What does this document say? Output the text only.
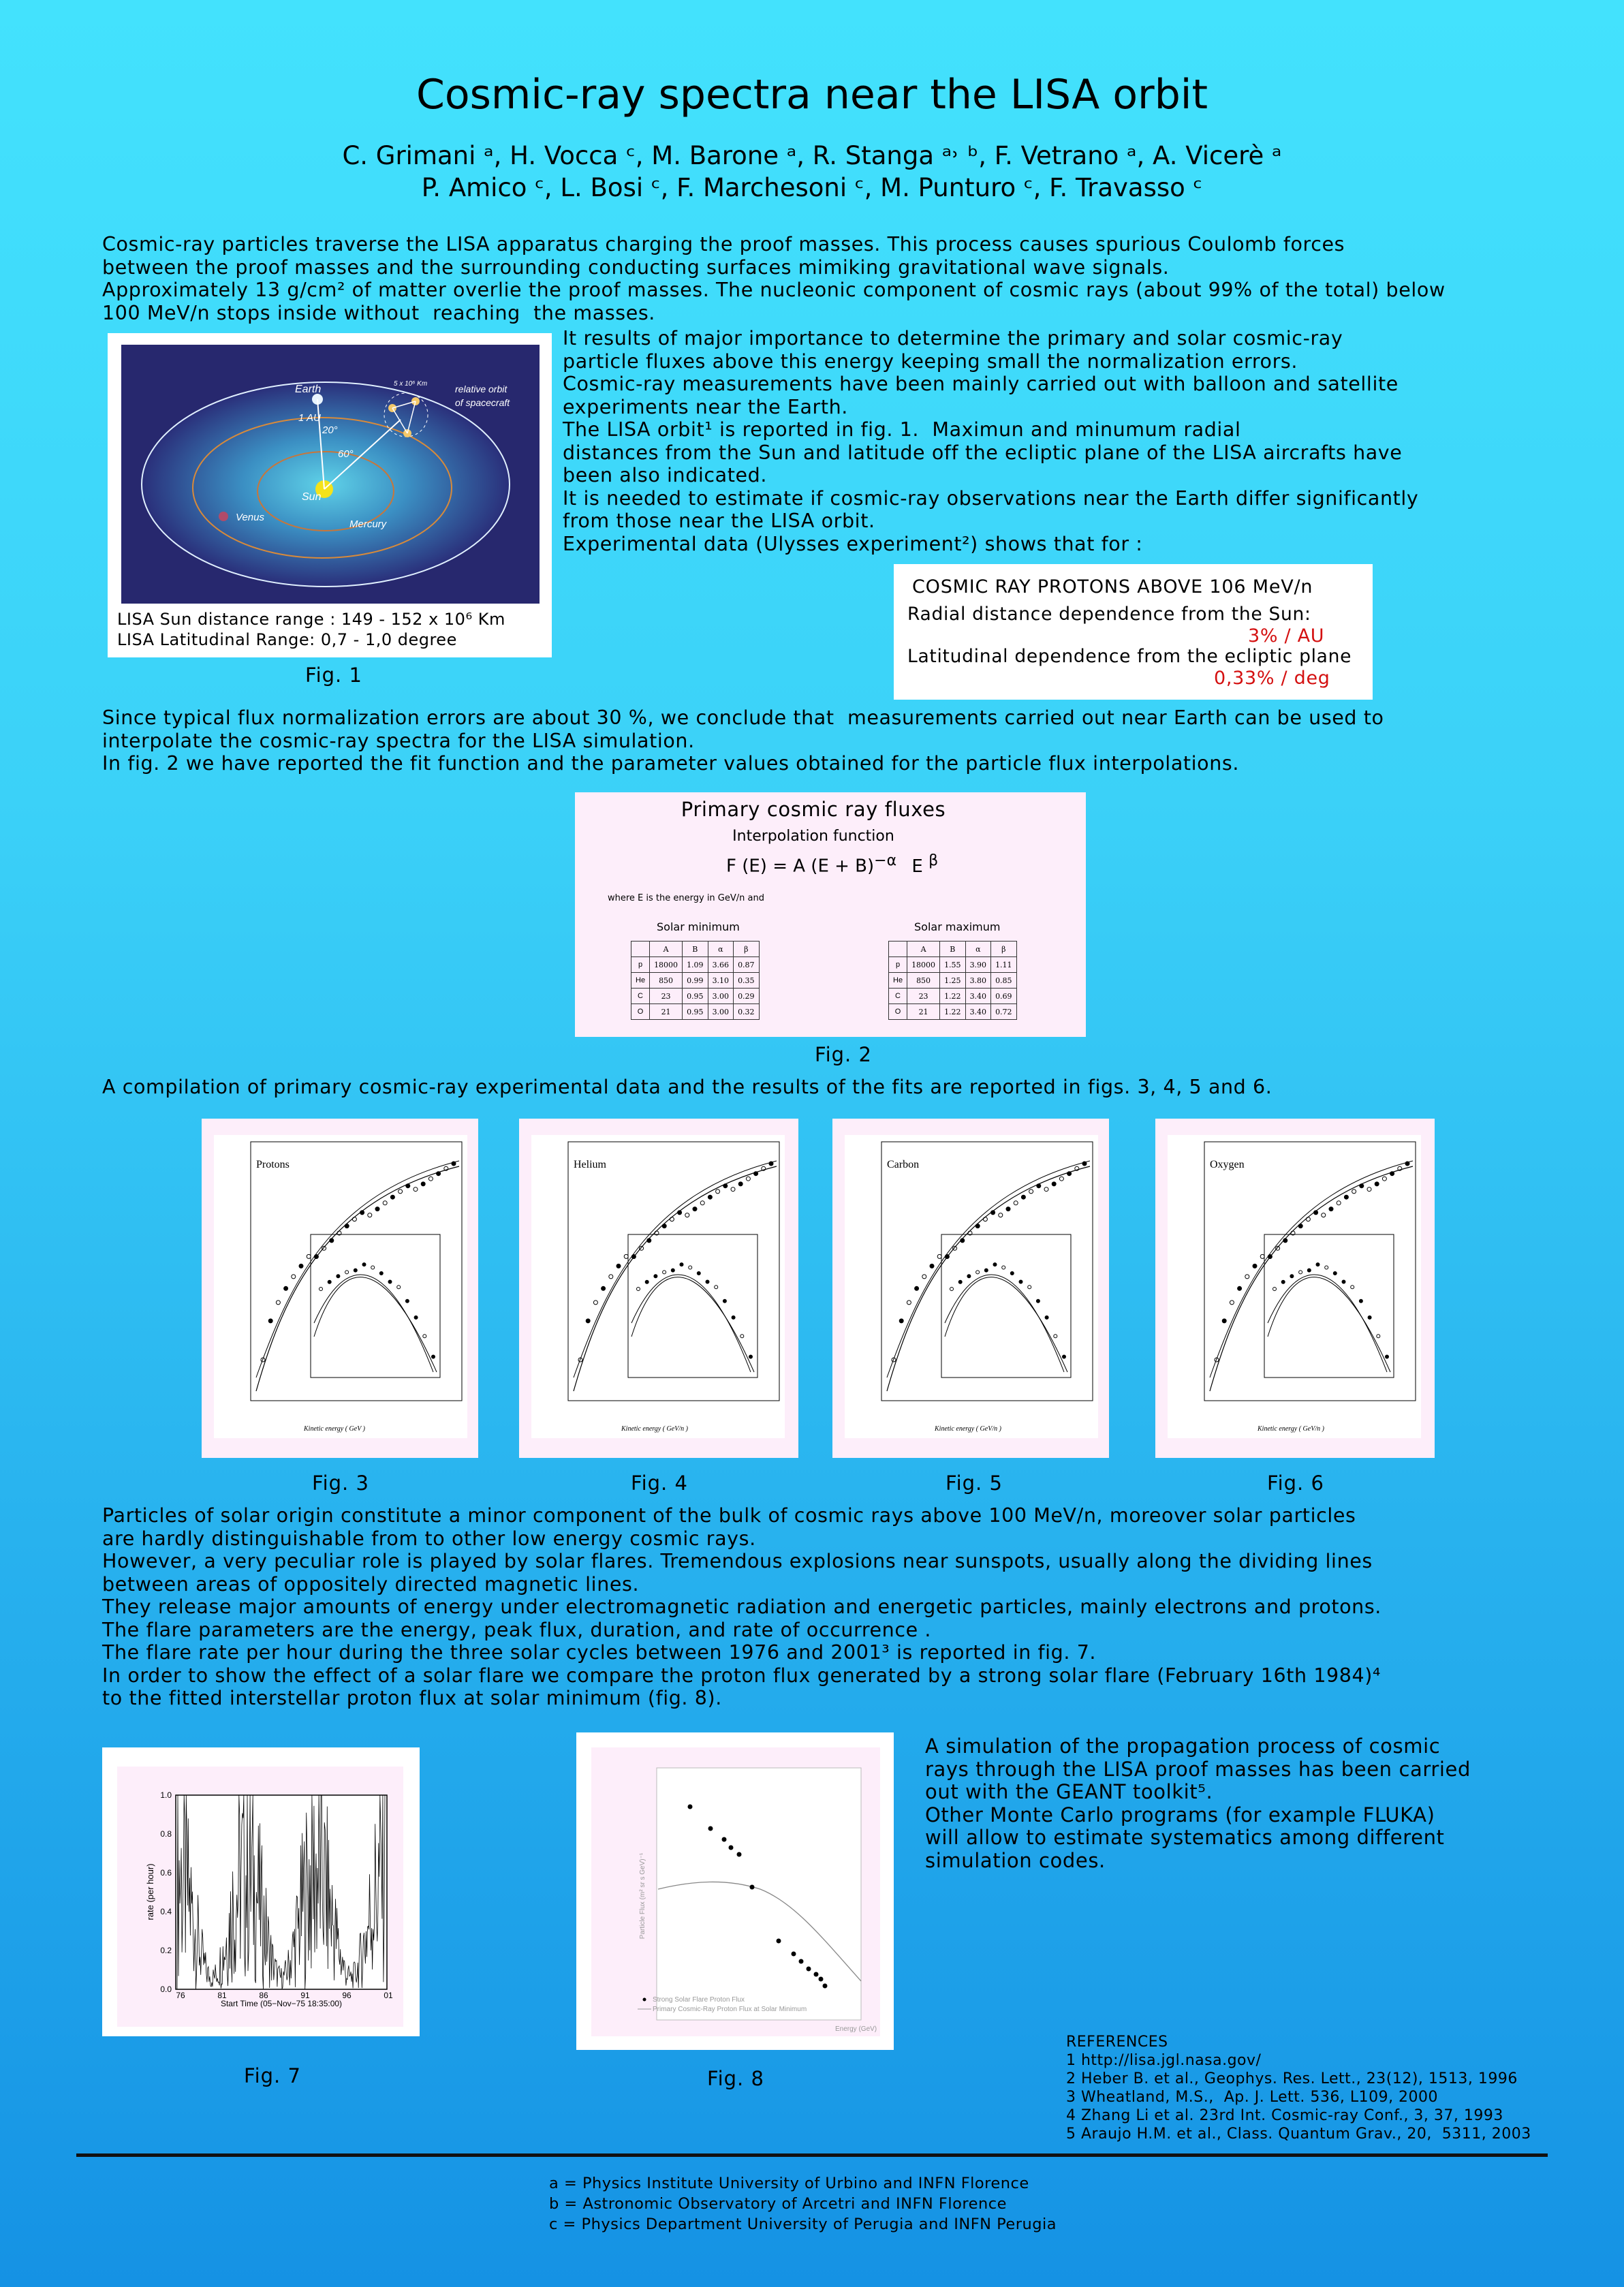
Cosmic-ray spectra near the LISA orbit
C. Grimani ᵃ, H. Vocca ᶜ, M. Barone ᵃ, R. Stanga ᵃ˒ ᵇ, F. Vetrano ᵃ, A. Vicerè ᵃ
P. Amico ᶜ, L. Bosi ᶜ, F. Marchesoni ᶜ, M. Punturo ᶜ, F. Travasso ᶜ
Cosmic-ray particles traverse the LISA apparatus charging the proof masses. This process causes spurious Coulomb forces
between the proof masses and the surrounding conducting surfaces mimiking gravitational wave signals.
Approximately 13 g/cm² of matter overlie the proof masses. The nucleonic component of cosmic rays (about 99% of the total) below
100 MeV/n stops inside without  reaching  the masses.
60°
Earth
20°
1 AU
Sun
Venus
Mercury
5 x 10⁶ Km	relative orbit
of spacecraft
LISA Sun distance range : 149 - 152 x 10⁶ Km
LISA Latitudinal Range: 0,7 - 1,0 degree
Fig. 1
It results of major importance to determine the primary and solar cosmic-ray
particle fluxes above this energy keeping small the normalization errors.
Cosmic-ray measurements have been mainly carried out with balloon and satellite
experiments near the Earth.
The LISA orbit¹ is reported in fig. 1.  Maximun and minumum radial
distances from the Sun and latitude off the ecliptic plane of the LISA aircrafts have
been also indicated.
It is needed to estimate if cosmic-ray observations near the Earth differ significantly
from those near the LISA orbit.
Experimental data (Ulysses experiment²) shows that for :
COSMIC RAY PROTONS ABOVE 106 MeV/n
Radial distance dependence from the Sun:
3% / AU
Latitudinal dependence from the ecliptic plane
0,33% / deg
Since typical flux normalization errors are about 30 %, we conclude that  measurements carried out near Earth can be used to
interpolate the cosmic-ray spectra for the LISA simulation.
In fig. 2 we have reported the fit function and the parameter values obtained for the particle flux interpolations.
Primary cosmic ray fluxes
Interpolation function
F (E) = A $(E + B)^{-\alpha}$ E $^\beta$
where E is the energy in GeV/n and
Solar minimum	Solar maximum
	A	B	α	β
p	18000	1.09	3.66	0.87
He	850	0.99	3.10	0.35
C	23	0.95	3.00	0.29
O	21	0.95	3.00	0.32
	A	B	α	β
p	18000	1.55	3.90	1.11
He	850	1.25	3.80	0.85
C	23	1.22	3.40	0.69
O	21	1.22	3.40	0.72
Fig. 2
A compilation of primary cosmic-ray experimental data and the results of the fits are reported in figs. 3, 4, 5 and 6.
Protons
Kinetic energy ( GeV )
Fig. 3
Helium
Kinetic energy ( GeV/n )
Fig. 4
Carbon
Kinetic energy ( GeV/n )
Fig. 5
Oxygen
Kinetic energy ( GeV/n )
Fig. 6
Particles of solar origin constitute a minor component of the bulk of cosmic rays above 100 MeV/n, moreover solar particles
are hardly distinguishable from to other low energy cosmic rays.
However, a very peculiar role is played by solar flares. Tremendous explosions near sunspots, usually along the dividing lines
between areas of oppositely directed magnetic lines.
They release major amounts of energy under electromagnetic radiation and energetic particles, mainly electrons and protons.
The flare parameters are the energy, peak flux, duration, and rate of occurrence .
The flare rate per hour during the three solar cycles between 1976 and 2001³ is reported in fig. 7.
In order to show the effect of a solar flare we compare the proton flux generated by a strong solar flare (February 16th 1984)⁴
to the fitted interstellar proton flux at solar minimum (fig. 8).
rate (per hour)
Start Time (05−Nov−75 18:35:00)
1.0
0.8
0.6
0.4
0.2
0.0
76	81	86	91	96	01
Fig. 7
Particle Flux (m² sr s GeV)⁻¹
Energy (GeV)
Strong Solar Flare Proton Flux
Primary Cosmic-Ray Proton Flux at Solar Minimum
Fig. 8
A simulation of the propagation process of cosmic
rays through the LISA proof masses has been carried
out with the GEANT toolkit⁵.
Other Monte Carlo programs (for example FLUKA)
will allow to estimate systematics among different
simulation codes.
REFERENCES
1 http://lisa.jgl.nasa.gov/
2 Heber B. et al., Geophys. Res. Lett., 23(12), 1513, 1996
3 Wheatland, M.S.,  Ap. J. Lett. 536, L109, 2000
4 Zhang Li et al. 23rd Int. Cosmic-ray Conf., 3, 37, 1993
5 Araujo H.M. et al., Class. Quantum Grav., 20,  5311, 2003
a = Physics Institute University of Urbino and INFN Florence
b = Astronomic Observatory of Arcetri and INFN Florence
c = Physics Department University of Perugia and INFN Perugia
